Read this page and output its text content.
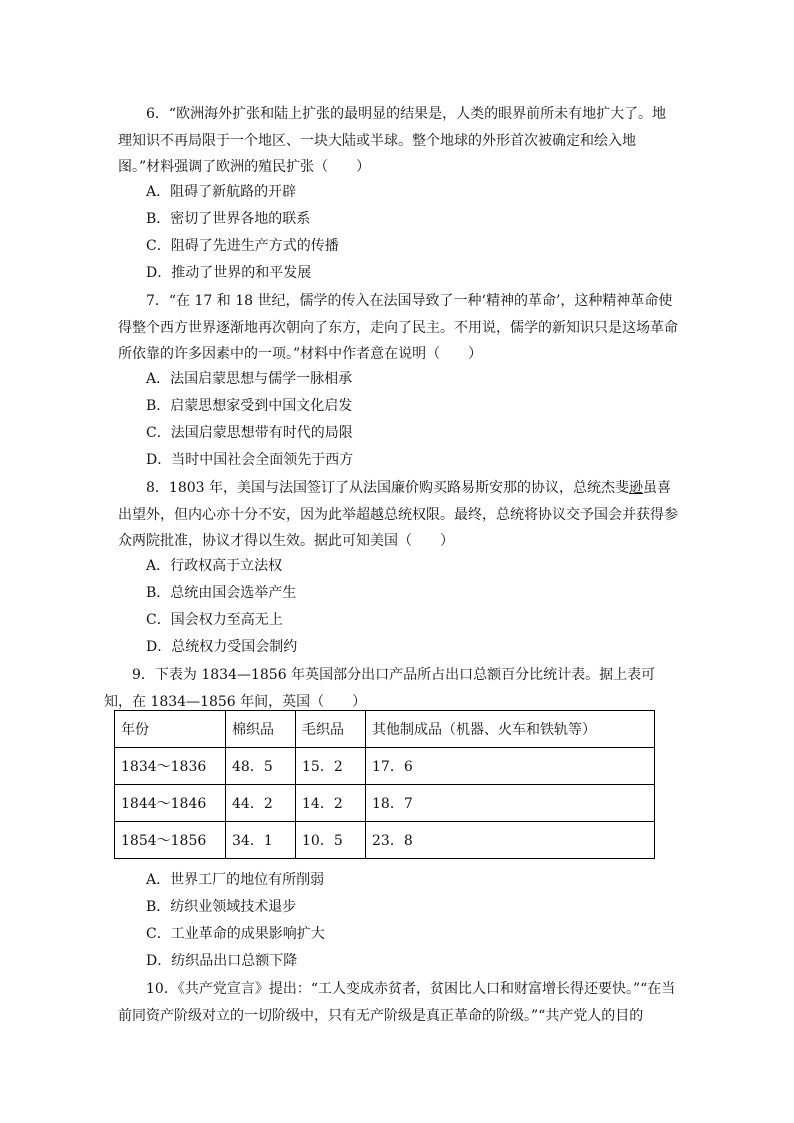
6．“欧洲海外扩张和陆上扩张的最明显的结果是，人类的眼界前所未有地扩大了。地理知识不再局限于一个地区、一块大陆或半球。整个地球的外形首次被确定和绘入地图。”材料强调了欧洲的殖民扩张（　　）

A．阻碍了新航路的开辟

B．密切了世界各地的联系

C．阻碍了先进生产方式的传播

D．推动了世界的和平发展

7．“在 17 和 18 世纪，儒学的传入在法国导致了一种‘精神的革命’，这种精神革命使得整个西方世界逐渐地再次朝向了东方，走向了民主。不用说，儒学的新知识只是这场革命所依靠的许多因素中的一项。”材料中作者意在说明（　　）

A．法国启蒙思想与儒学一脉相承

B．启蒙思想家受到中国文化启发

C．法国启蒙思想带有时代的局限

D．当时中国社会全面领先于西方

8．1803 年，美国与法国签订了从法国廉价购买路易斯安那的协议，总统杰斐逊虽喜出望外，但内心亦十分不安，因为此举超越总统权限。最终，总统将协议交予国会并获得参众两院批准，协议才得以生效。据此可知美国（　　）

A．行政权高于立法权

B．总统由国会选举产生

C．国会权力至高无上

D．总统权力受国会制约

9．下表为 1834—1856 年英国部分出口产品所占出口总额百分比统计表。据上表可知，在 1834—1856 年间，英国（　　）

年份	棉织品	毛织品	其他制成品（机器、火车和铁轨等）
1834～1836	48．5	15．2	17．6
1844～1846	44．2	14．2	18．7
1854～1856	34．1	10．5	23．8

A．世界工厂的地位有所削弱

B．纺织业领域技术退步

C．工业革命的成果影响扩大

D．纺织品出口总额下降

10．《共产党宣言》提出：“工人变成赤贫者，贫困比人口和财富增长得还要快。”“在当前同资产阶级对立的一切阶级中，只有无产阶级是真正革命的阶级。”“共产党人的目的
